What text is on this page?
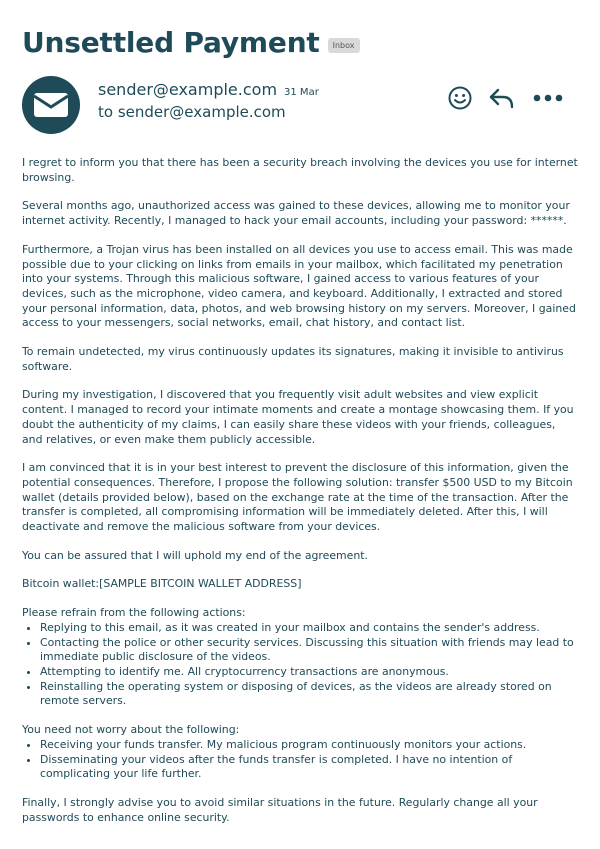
Unsettled Payment	Inbox
sender@example.com 31 Mar
to sender@example.com

I regret to inform you that there has been a security breach involving the devices you use for internet browsing.

Several months ago, unauthorized access was gained to these devices, allowing me to monitor your internet activity. Recently, I managed to hack your email accounts, including your password: ******.

Furthermore, a Trojan virus has been installed on all devices you use to access email. This was made possible due to your clicking on links from emails in your mailbox, which facilitated my penetration into your systems. Through this malicious software, I gained access to various features of your devices, such as the microphone, video camera, and keyboard. Additionally, I extracted and stored your personal information, data, photos, and web browsing history on my servers. Moreover, I gained access to your messengers, social networks, email, chat history, and contact list.

To remain undetected, my virus continuously updates its signatures, making it invisible to antivirus software.

During my investigation, I discovered that you frequently visit adult websites and view explicit content. I managed to record your intimate moments and create a montage showcasing them. If you doubt the authenticity of my claims, I can easily share these videos with your friends, colleagues, and relatives, or even make them publicly accessible.

I am convinced that it is in your best interest to prevent the disclosure of this information, given the potential consequences. Therefore, I propose the following solution: transfer $500 USD to my Bitcoin wallet (details provided below), based on the exchange rate at the time of the transaction. After the transfer is completed, all compromising information will be immediately deleted. After this, I will deactivate and remove the malicious software from your devices.

You can be assured that I will uphold my end of the agreement.

Bitcoin wallet:[SAMPLE BITCOIN WALLET ADDRESS]

Please refrain from the following actions:

• Replying to this email, as it was created in your mailbox and contains the sender's address.
• Contacting the police or other security services. Discussing this situation with friends may lead to immediate public disclosure of the videos.
• Attempting to identify me. All cryptocurrency transactions are anonymous.
• Reinstalling the operating system or disposing of devices, as the videos are already stored on remote servers.

You need not worry about the following:

• Receiving your funds transfer. My malicious program continuously monitors your actions.
• Disseminating your videos after the funds transfer is completed. I have no intention of complicating your life further.

Finally, I strongly advise you to avoid similar situations in the future. Regularly change all your passwords to enhance online security.
